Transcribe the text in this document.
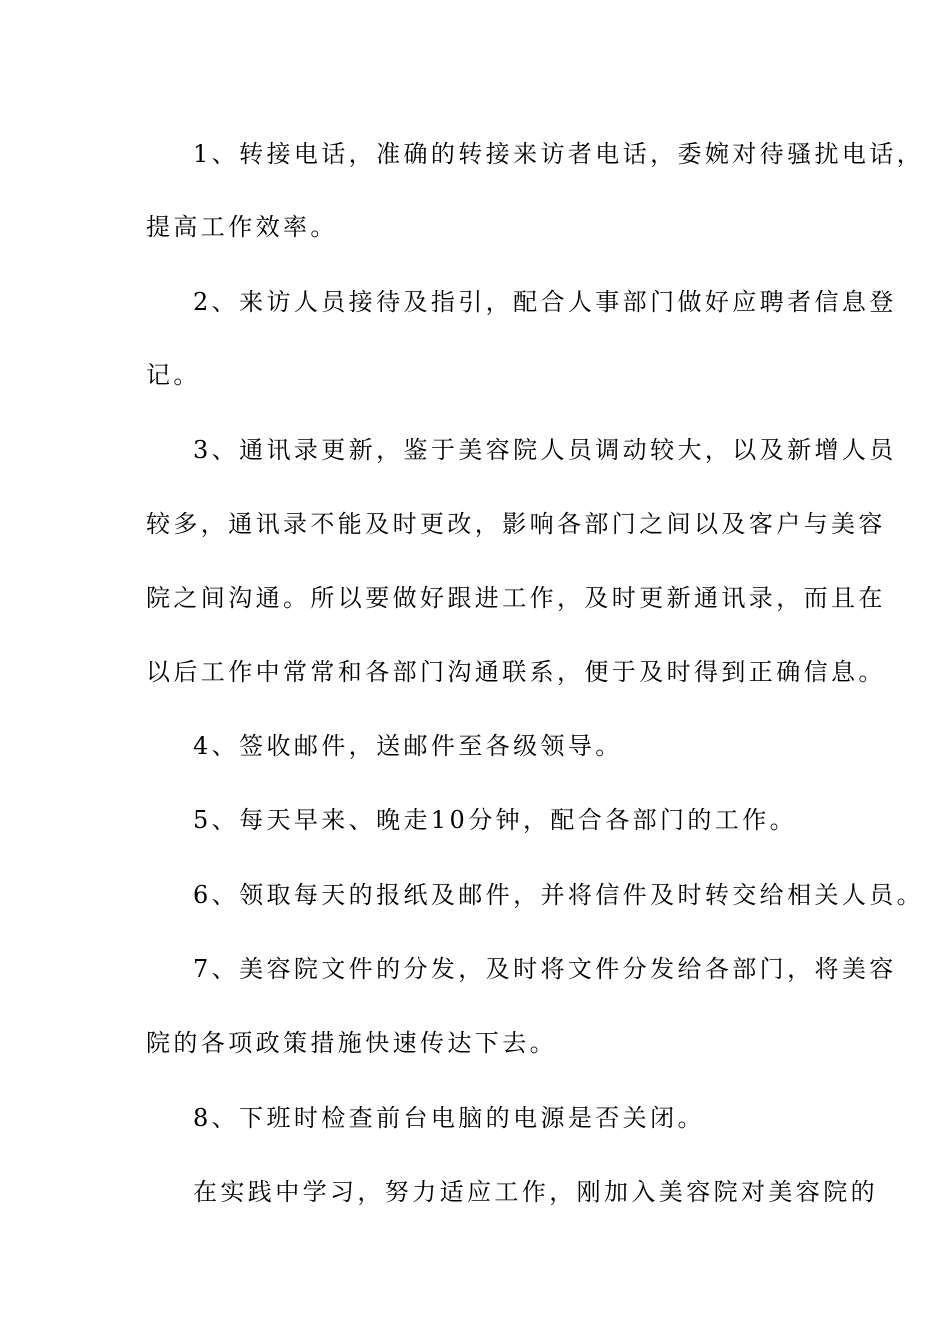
1、转接电话，准确的转接来访者电话，委婉对待骚扰电话，
提高工作效率。
2、来访人员接待及指引，配合人事部门做好应聘者信息登
记。
3、通讯录更新，鉴于美容院人员调动较大，以及新增人员
较多，通讯录不能及时更改，影响各部门之间以及客户与美容
院之间沟通。所以要做好跟进工作，及时更新通讯录，而且在
以后工作中常常和各部门沟通联系，便于及时得到正确信息。
4、签收邮件，送邮件至各级领导。
5、每天早来、晚走10分钟，配合各部门的工作。
6、领取每天的报纸及邮件，并将信件及时转交给相关人员。
7、美容院文件的分发，及时将文件分发给各部门，将美容
院的各项政策措施快速传达下去。
8、下班时检查前台电脑的电源是否关闭。
在实践中学习，努力适应工作，刚加入美容院对美容院的
